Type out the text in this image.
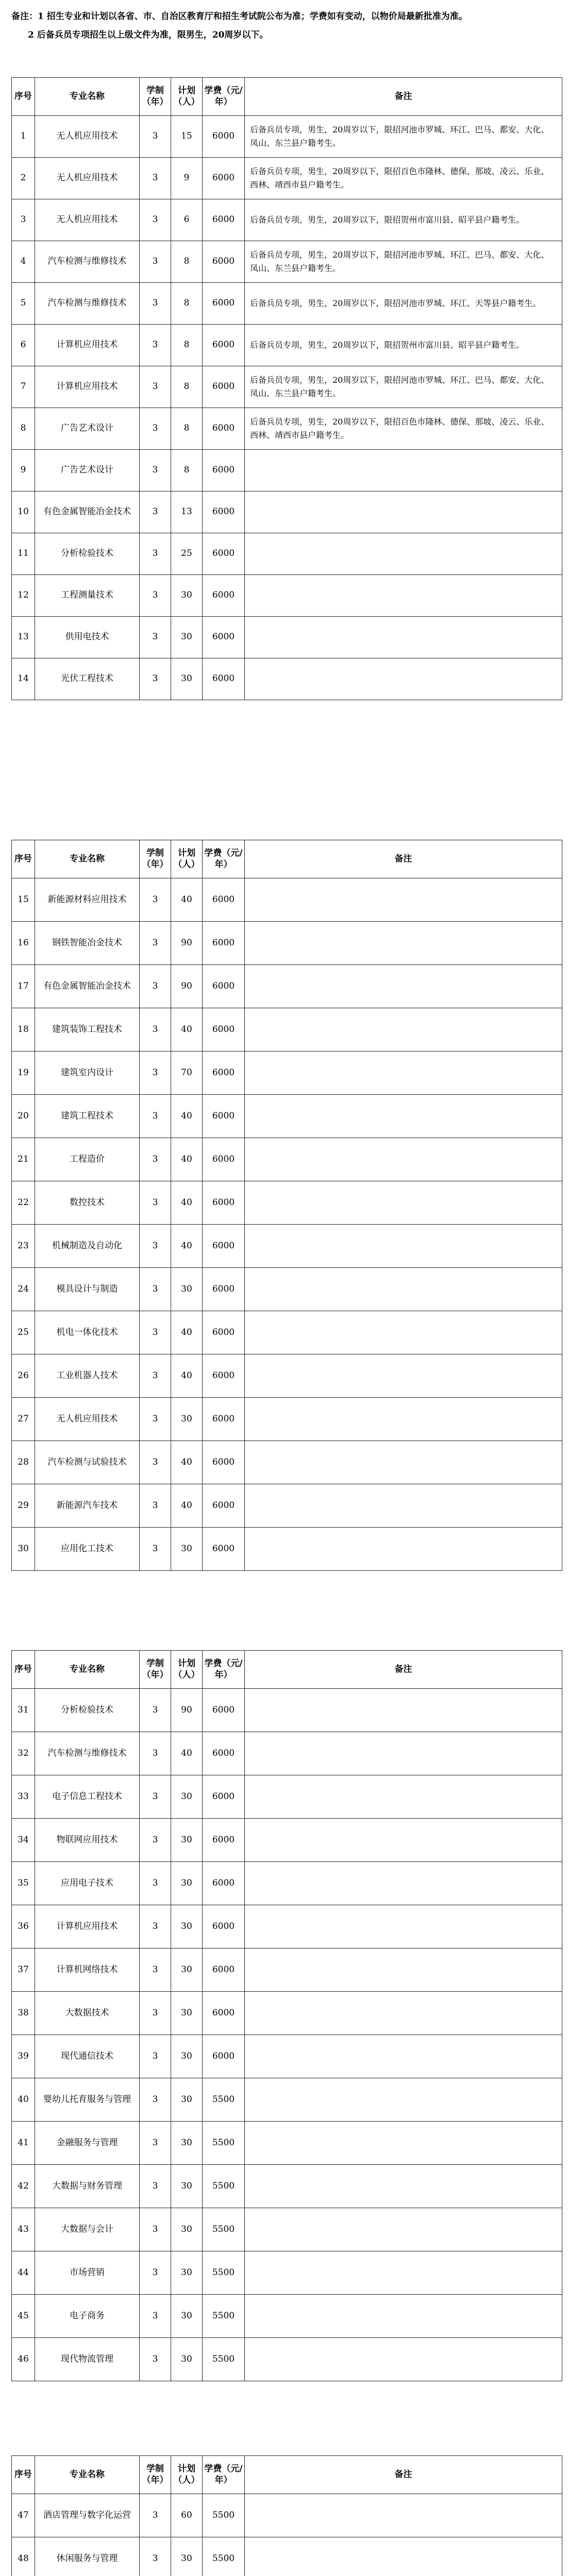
备注：1 招生专业和计划以各省、市、自治区教育厅和招生考试院公布为准；学费如有变动，以物价局最新批准为准。

2 后备兵员专项招生以上级文件为准，限男生，20周岁以下。

序号	专业名称	学制（年）	计划（人）	学费（元/年）	备注
1	无人机应用技术	3	15	6000	后备兵员专项，男生，20周岁以下，限招河池市罗城、环江、巴马、都安、大化、凤山、东兰县户籍考生。
2	无人机应用技术	3	9	6000	后备兵员专项，男生，20周岁以下，限招百色市隆林、德保、那坡、凌云、乐业、西林、靖西市县户籍考生。
3	无人机应用技术	3	6	6000	后备兵员专项，男生，20周岁以下，限招贺州市富川县、昭平县户籍考生。
4	汽车检测与维修技术	3	8	6000	后备兵员专项，男生，20周岁以下，限招河池市罗城、环江、巴马、都安、大化、凤山、东兰县户籍考生。
5	汽车检测与维修技术	3	8	6000	后备兵员专项，男生，20周岁以下，限招河池市罗城、环江、天等县户籍考生。
6	计算机应用技术	3	8	6000	后备兵员专项，男生，20周岁以下，限招贺州市富川县、昭平县户籍考生。
7	计算机应用技术	3	8	6000	后备兵员专项，男生，20周岁以下，限招河池市罗城、环江、巴马、都安、大化、凤山、东兰县户籍考生。
8	广告艺术设计	3	8	6000	后备兵员专项，男生，20周岁以下，限招百色市隆林、德保、那坡、凌云、乐业、西林、靖西市县户籍考生。
9	广告艺术设计	3	8	6000	
10	有色金属智能冶金技术	3	13	6000	
11	分析检验技术	3	25	6000	
12	工程测量技术	3	30	6000	
13	供用电技术	3	30	6000	
14	光伏工程技术	3	30	6000	
序号	专业名称	学制（年）	计划（人）	学费（元/年）	备注
15	新能源材料应用技术	3	40	6000	
16	钢铁智能冶金技术	3	90	6000	
17	有色金属智能冶金技术	3	90	6000	
18	建筑装饰工程技术	3	40	6000	
19	建筑室内设计	3	70	6000	
20	建筑工程技术	3	40	6000	
21	工程造价	3	40	6000	
22	数控技术	3	40	6000	
23	机械制造及自动化	3	40	6000	
24	模具设计与制造	3	30	6000	
25	机电一体化技术	3	40	6000	
26	工业机器人技术	3	40	6000	
27	无人机应用技术	3	30	6000	
28	汽车检测与试验技术	3	40	6000	
29	新能源汽车技术	3	40	6000	
30	应用化工技术	3	30	6000	
序号	专业名称	学制（年）	计划（人）	学费（元/年）	备注
31	分析检验技术	3	90	6000	
32	汽车检测与维修技术	3	40	6000	
33	电子信息工程技术	3	30	6000	
34	物联网应用技术	3	30	6000	
35	应用电子技术	3	30	6000	
36	计算机应用技术	3	30	6000	
37	计算机网络技术	3	30	6000	
38	大数据技术	3	30	6000	
39	现代通信技术	3	30	6000	
40	婴幼儿托育服务与管理	3	30	5500	
41	金融服务与管理	3	30	5500	
42	大数据与财务管理	3	30	5500	
43	大数据与会计	3	30	5500	
44	市场营销	3	30	5500	
45	电子商务	3	30	5500	
46	现代物流管理	3	30	5500	
序号	专业名称	学制（年）	计划（人）	学费（元/年）	备注
47	酒店管理与数字化运营	3	60	5500	
48	休闲服务与管理	3	30	5500	
